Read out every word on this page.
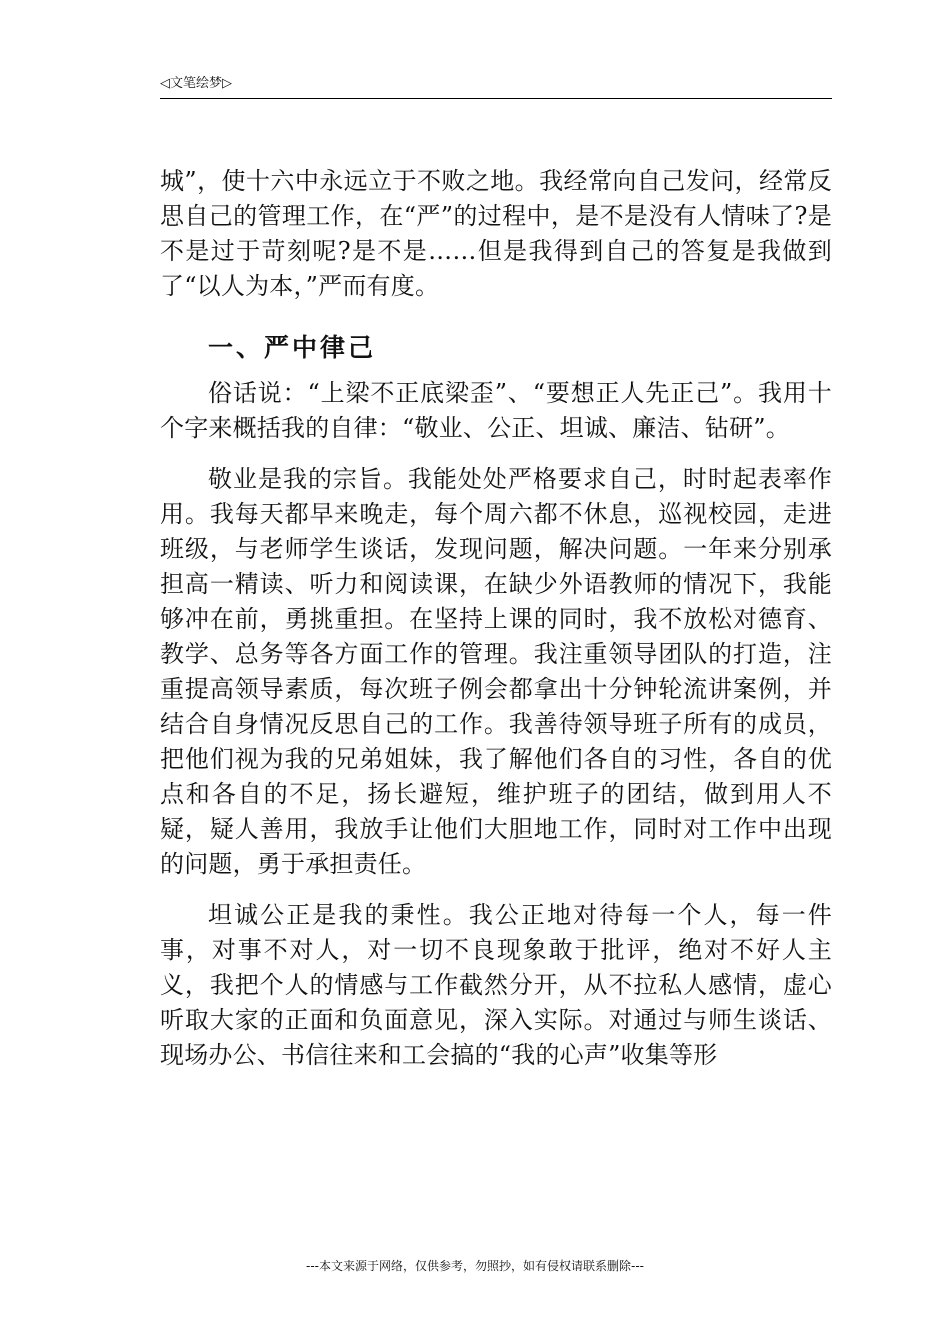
◁文笔绘梦▷

城”，使十六中永远立于不败之地。我经常向自己发问，经常反思自己的管理工作，在“严”的过程中，是不是没有人情味了?是不是过于苛刻呢?是不是……但是我得到自己的答复是我做到了“以人为本，”严而有度。

一、严中律己

俗话说：“上梁不正底梁歪”、“要想正人先正己”。我用十个字来概括我的自律：“敬业、公正、坦诚、廉洁、钻研”。

敬业是我的宗旨。我能处处严格要求自己，时时起表率作用。我每天都早来晚走，每个周六都不休息，巡视校园，走进班级，与老师学生谈话，发现问题，解决问题。一年来分别承担高一精读、听力和阅读课，在缺少外语教师的情况下，我能够冲在前，勇挑重担。在坚持上课的同时，我不放松对德育、教学、总务等各方面工作的管理。我注重领导团队的打造，注重提高领导素质，每次班子例会都拿出十分钟轮流讲案例，并结合自身情况反思自己的工作。我善待领导班子所有的成员，把他们视为我的兄弟姐妹，我了解他们各自的习性，各自的优点和各自的不足，扬长避短，维护班子的团结，做到用人不疑，疑人善用，我放手让他们大胆地工作，同时对工作中出现的问题，勇于承担责任。

坦诚公正是我的秉性。我公正地对待每一个人，每一件事，对事不对人，对一切不良现象敢于批评，绝对不好人主义，我把个人的情感与工作截然分开，从不拉私人感情，虚心听取大家的正面和负面意见，深入实际。对通过与师生谈话、现场办公、书信往来和工会搞的“我的心声”收集等形

---本文来源于网络，仅供参考，勿照抄，如有侵权请联系删除---
